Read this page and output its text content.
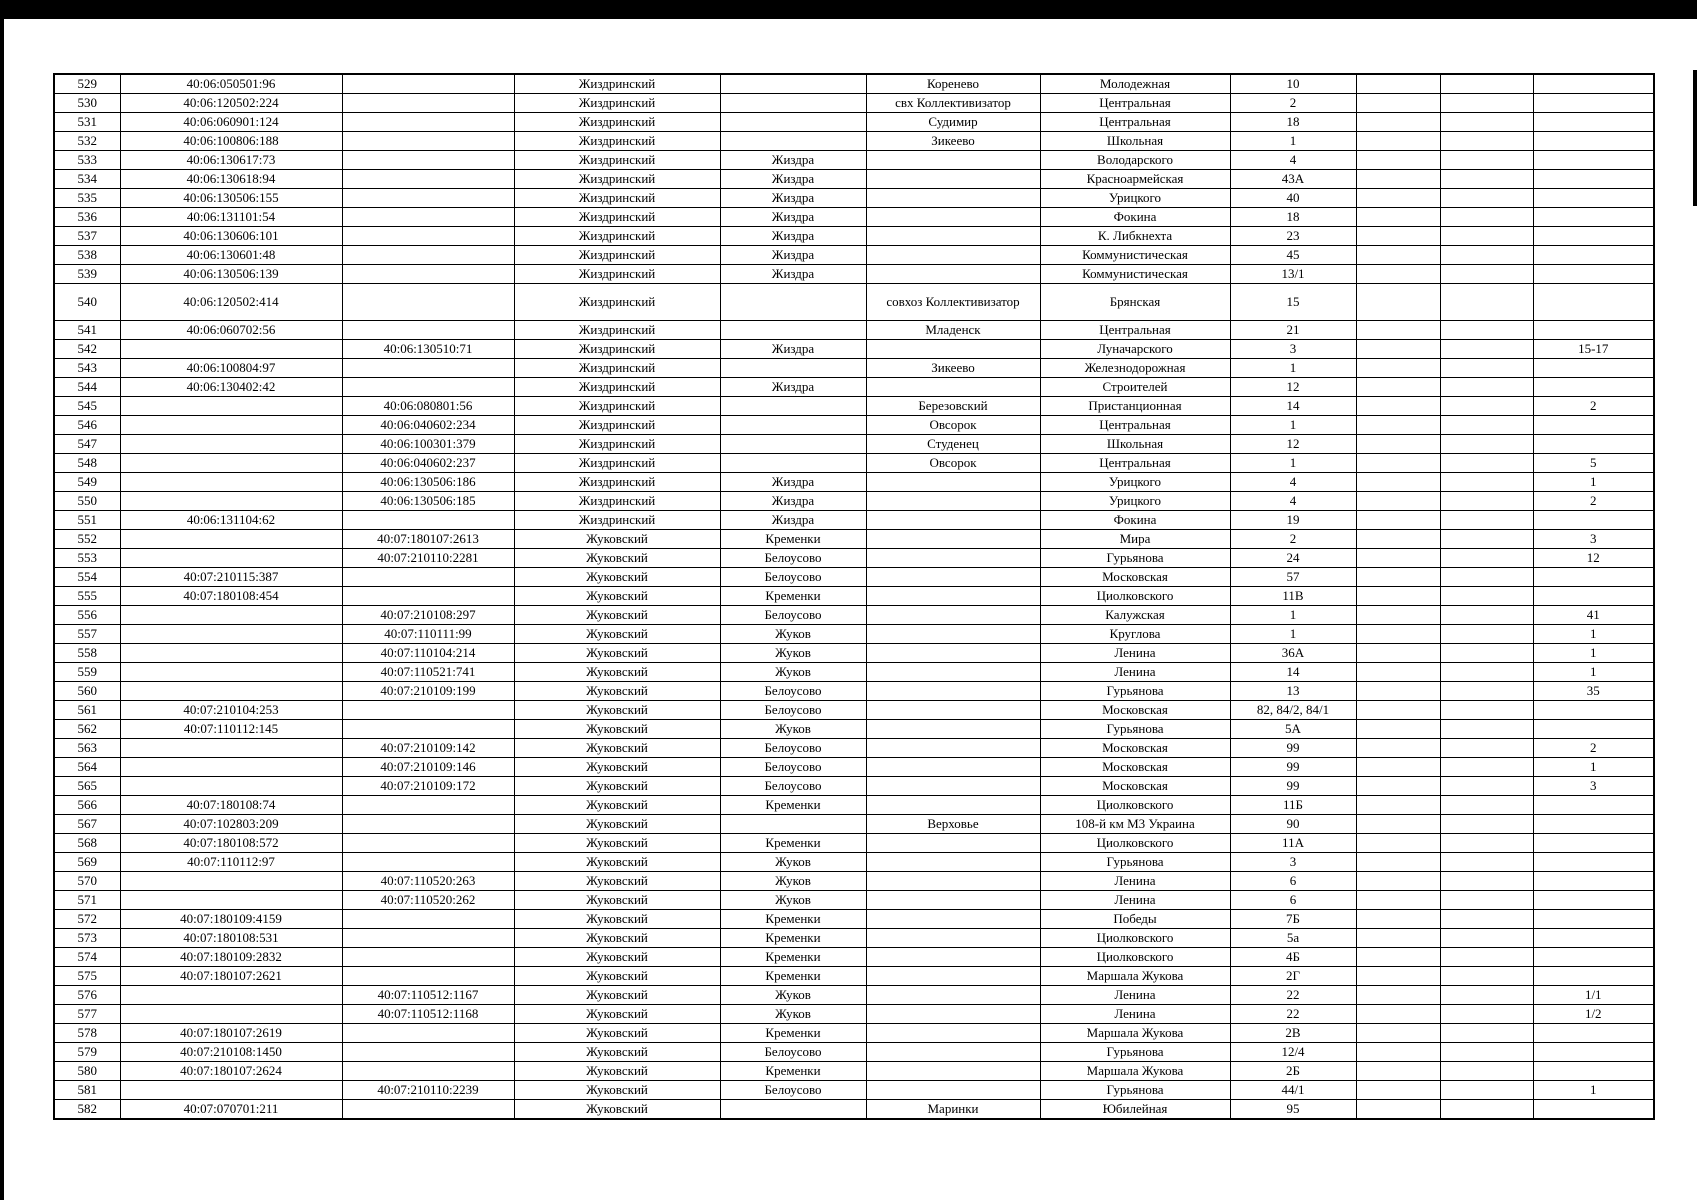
529	40:06:050501:96		Жиздринский		Коренево	Молодежная	10			
530	40:06:120502:224		Жиздринский		свх Коллективизатор	Центральная	2			
531	40:06:060901:124		Жиздринский		Судимир	Центральная	18			
532	40:06:100806:188		Жиздринский		Зикеево	Школьная	1			
533	40:06:130617:73		Жиздринский	Жиздра		Володарского	4			
534	40:06:130618:94		Жиздринский	Жиздра		Красноармейская	43А			
535	40:06:130506:155		Жиздринский	Жиздра		Урицкого	40			
536	40:06:131101:54		Жиздринский	Жиздра		Фокина	18			
537	40:06:130606:101		Жиздринский	Жиздра		К. Либкнехта	23			
538	40:06:130601:48		Жиздринский	Жиздра		Коммунистическая	45			
539	40:06:130506:139		Жиздринский	Жиздра		Коммунистическая	13/1			
540	40:06:120502:414		Жиздринский		совхоз Коллективизатор	Брянская	15			
541	40:06:060702:56		Жиздринский		Младенск	Центральная	21			
542		40:06:130510:71	Жиздринский	Жиздра		Луначарского	3			15-17
543	40:06:100804:97		Жиздринский		Зикеево	Железнодорожная	1			
544	40:06:130402:42		Жиздринский	Жиздра		Строителей	12			
545		40:06:080801:56	Жиздринский		Березовский	Пристанционная	14			2
546		40:06:040602:234	Жиздринский		Овсорок	Центральная	1			
547		40:06:100301:379	Жиздринский		Студенец	Школьная	12			
548		40:06:040602:237	Жиздринский		Овсорок	Центральная	1			5
549		40:06:130506:186	Жиздринский	Жиздра		Урицкого	4			1
550		40:06:130506:185	Жиздринский	Жиздра		Урицкого	4			2
551	40:06:131104:62		Жиздринский	Жиздра		Фокина	19			
552		40:07:180107:2613	Жуковский	Кременки		Мира	2			3
553		40:07:210110:2281	Жуковский	Белоусово		Гурьянова	24			12
554	40:07:210115:387		Жуковский	Белоусово		Московская	57			
555	40:07:180108:454		Жуковский	Кременки		Циолковского	11В			
556		40:07:210108:297	Жуковский	Белоусово		Калужская	1			41
557		40:07:110111:99	Жуковский	Жуков		Круглова	1			1
558		40:07:110104:214	Жуковский	Жуков		Ленина	36А			1
559		40:07:110521:741	Жуковский	Жуков		Ленина	14			1
560		40:07:210109:199	Жуковский	Белоусово		Гурьянова	13			35
561	40:07:210104:253		Жуковский	Белоусово		Московская	82, 84/2, 84/1			
562	40:07:110112:145		Жуковский	Жуков		Гурьянова	5А			
563		40:07:210109:142	Жуковский	Белоусово		Московская	99			2
564		40:07:210109:146	Жуковский	Белоусово		Московская	99			1
565		40:07:210109:172	Жуковский	Белоусово		Московская	99			3
566	40:07:180108:74		Жуковский	Кременки		Циолковского	11Б			
567	40:07:102803:209		Жуковский		Верховье	108-й км М3 Украина	90			
568	40:07:180108:572		Жуковский	Кременки		Циолковского	11А			
569	40:07:110112:97		Жуковский	Жуков		Гурьянова	3			
570		40:07:110520:263	Жуковский	Жуков		Ленина	6			
571		40:07:110520:262	Жуковский	Жуков		Ленина	6			
572	40:07:180109:4159		Жуковский	Кременки		Победы	7Б			
573	40:07:180108:531		Жуковский	Кременки		Циолковского	5а			
574	40:07:180109:2832		Жуковский	Кременки		Циолковского	4Б			
575	40:07:180107:2621		Жуковский	Кременки		Маршала Жукова	2Г			
576		40:07:110512:1167	Жуковский	Жуков		Ленина	22			1/1
577		40:07:110512:1168	Жуковский	Жуков		Ленина	22			1/2
578	40:07:180107:2619		Жуковский	Кременки		Маршала Жукова	2В			
579	40:07:210108:1450		Жуковский	Белоусово		Гурьянова	12/4			
580	40:07:180107:2624		Жуковский	Кременки		Маршала Жукова	2Б			
581		40:07:210110:2239	Жуковский	Белоусово		Гурьянова	44/1			1
582	40:07:070701:211		Жуковский		Маринки	Юбилейная	95			
